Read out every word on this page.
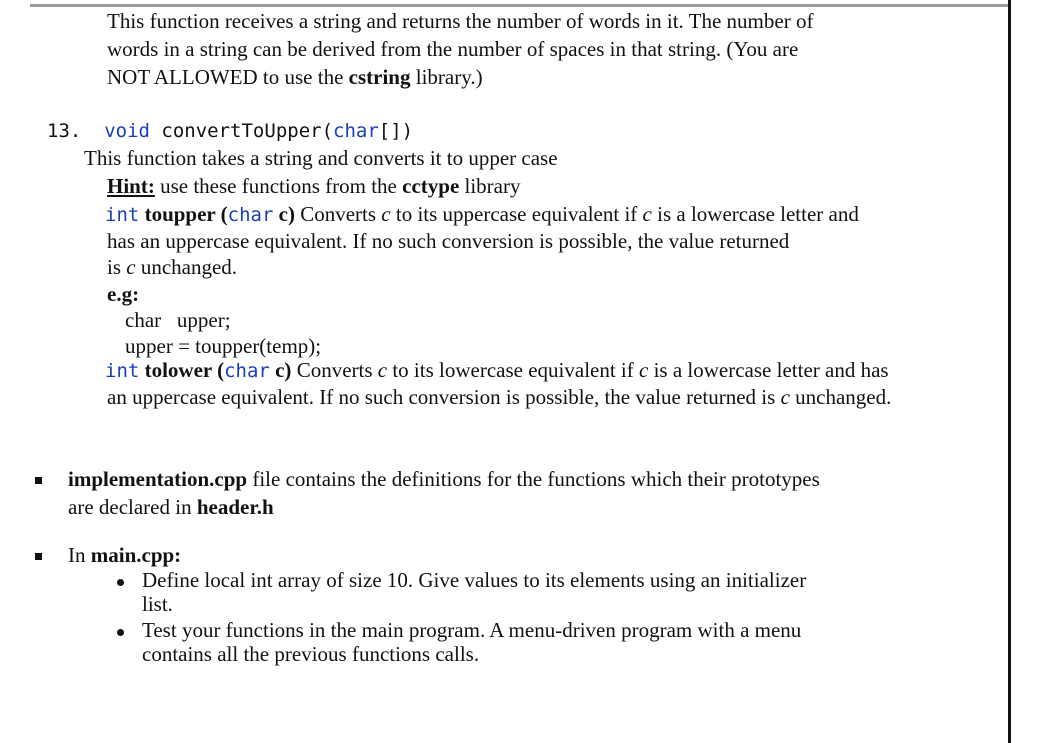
This function receives a string and returns the number of words in it. The number of
words in a string can be derived from the number of spaces in that string. (You are
NOT ALLOWED to use the cstring library.)
13. void convertToUpper(char[])
This function takes a string and converts it to upper case
Hint: use these functions from the cctype library
int toupper (char c) Converts c to its uppercase equivalent if c is a lowercase letter and
has an uppercase equivalent. If no such conversion is possible, the value returned
is c unchanged.
e.g:
char   upper;
upper = toupper(temp);
int tolower (char c) Converts c to its lowercase equivalent if c is a lowercase letter and has
an uppercase equivalent. If no such conversion is possible, the value returned is c unchanged.
implementation.cpp file contains the definitions for the functions which their prototypes
are declared in header.h
In main.cpp:
Define local int array of size 10. Give values to its elements using an initializer
list.
Test your functions in the main program. A menu-driven program with a menu
contains all the previous functions calls.
